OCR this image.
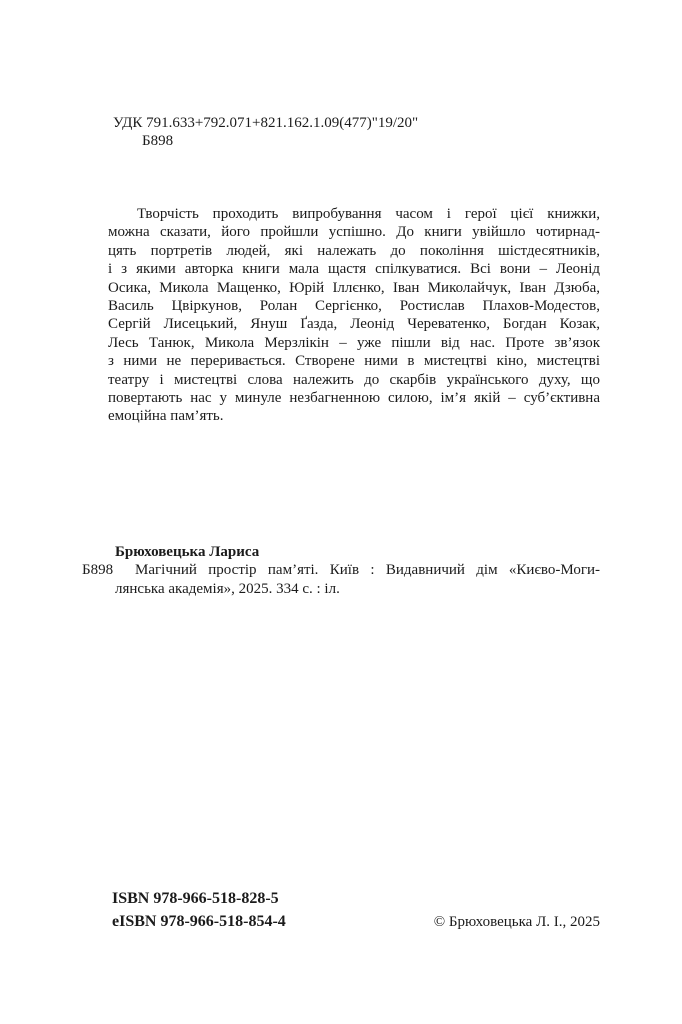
УДК 791.633+792.071+821.162.1.09(477)"19/20"
Б898
Творчість проходить випробування часом і герої цієї книжки,
можна сказати, його пройшли успішно. До книги увійшло чотирнад-
цять портретів людей, які належать до покоління шістдесятників,
і з якими авторка книги мала щастя спілкуватися. Всі вони – Леонід
Осика, Микола Мащенко, Юрій Іллєнко, Іван Миколайчук, Іван Дзюба,
Василь Цвіркунов, Ролан Сергієнко, Ростислав Плахов-Модестов,
Сергій Лисецький, Януш Ґазда, Леонід Череватенко, Богдан Козак,
Лесь Танюк, Микола Мерзлікін – уже пішли від нас. Проте зв’язок
з ними не переривається. Створене ними в мистецтві кіно, мистецтві
театру і мистецтві слова належить до скарбів українського духу, що
повертають нас у минуле незбагненною силою, ім’я якій – суб’єктивна
емоційна пам’ять.
Брюховецька Лариса
Б898	Магічний простір пам’яті. Київ : Видавничий дім «Києво-Моги-
лянська академія», 2025. 334 с. : іл.
ISBN 978-966-518-828-5
eISBN 978-966-518-854-4	© Брюховецька Л. І., 2025
